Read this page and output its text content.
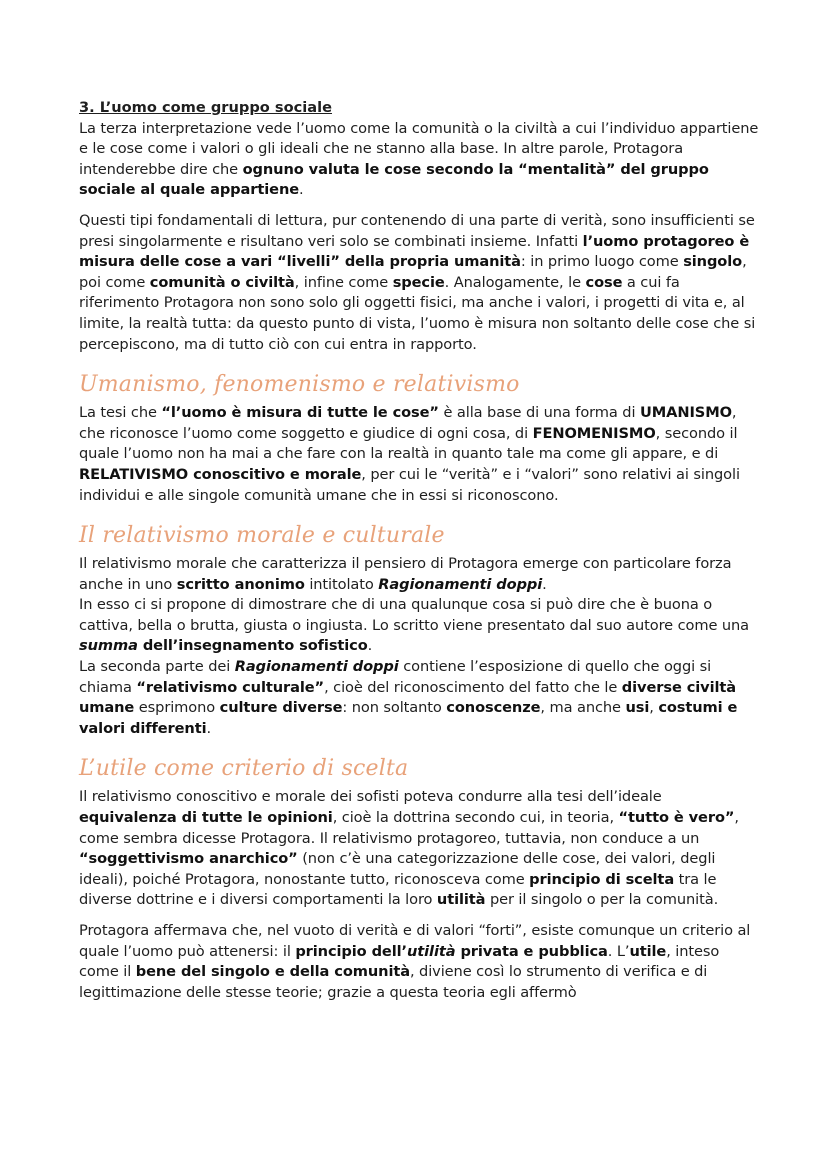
3. L’uomo come gruppo sociale

La terza interpretazione vede l’uomo come la comunità o la civiltà a cui l’individuo appartiene e le cose come i valori o gli ideali che ne stanno alla base. In altre parole, Protagora intenderebbe dire che ognuno valuta le cose secondo la “mentalità” del gruppo sociale al quale appartiene.

Questi tipi fondamentali di lettura, pur contenendo di una parte di verità, sono insufficienti se presi singolarmente e risultano veri solo se combinati insieme. Infatti l’uomo protagoreo è misura delle cose a vari “livelli” della propria umanità: in primo luogo come singolo, poi come comunità o civiltà, infine come specie. Analogamente, le cose a cui fa riferimento Protagora non sono solo gli oggetti fisici, ma anche i valori, i progetti di vita e, al limite, la realtà tutta: da questo punto di vista, l’uomo è misura non soltanto delle cose che si percepiscono, ma di tutto ciò con cui entra in rapporto.

Umanismo, fenomenismo e relativismo

La tesi che “l’uomo è misura di tutte le cose” è alla base di una forma di UMANISMO, che riconosce l’uomo come soggetto e giudice di ogni cosa, di FENOMENISMO, secondo il quale l’uomo non ha mai a che fare con la realtà in quanto tale ma come gli appare, e di RELATIVISMO conoscitivo e morale, per cui le “verità” e i “valori” sono relativi ai singoli individui e alle singole comunità umane che in essi si riconoscono.

Il relativismo morale e culturale

Il relativismo morale che caratterizza il pensiero di Protagora emerge con particolare forza anche in uno scritto anonimo intitolato Ragionamenti doppi.
In esso ci si propone di dimostrare che di una qualunque cosa si può dire che è buona o cattiva, bella o brutta, giusta o ingiusta. Lo scritto viene presentato dal suo autore come una summa dell’insegnamento sofistico.
La seconda parte dei Ragionamenti doppi contiene l’esposizione di quello che oggi si chiama “relativismo culturale”, cioè del riconoscimento del fatto che le diverse civiltà umane esprimono culture diverse: non soltanto conoscenze, ma anche usi, costumi e valori differenti.

L’utile come criterio di scelta

Il relativismo conoscitivo e morale dei sofisti poteva condurre alla tesi dell’ideale equivalenza di tutte le opinioni, cioè la dottrina secondo cui, in teoria, “tutto è vero”, come sembra dicesse Protagora. Il relativismo protagoreo, tuttavia, non conduce a un “soggettivismo anarchico” (non c’è una categorizzazione delle cose, dei valori, degli ideali), poiché Protagora, nonostante tutto, riconosceva come principio di scelta tra le diverse dottrine e i diversi comportamenti la loro utilità per il singolo o per la comunità.

Protagora affermava che, nel vuoto di verità e di valori “forti”, esiste comunque un criterio al quale l’uomo può attenersi: il principio dell’utilità privata e pubblica. L’utile, inteso come il bene del singolo e della comunità, diviene così lo strumento di verifica e di legittimazione delle stesse teorie; grazie a questa teoria egli affermò
